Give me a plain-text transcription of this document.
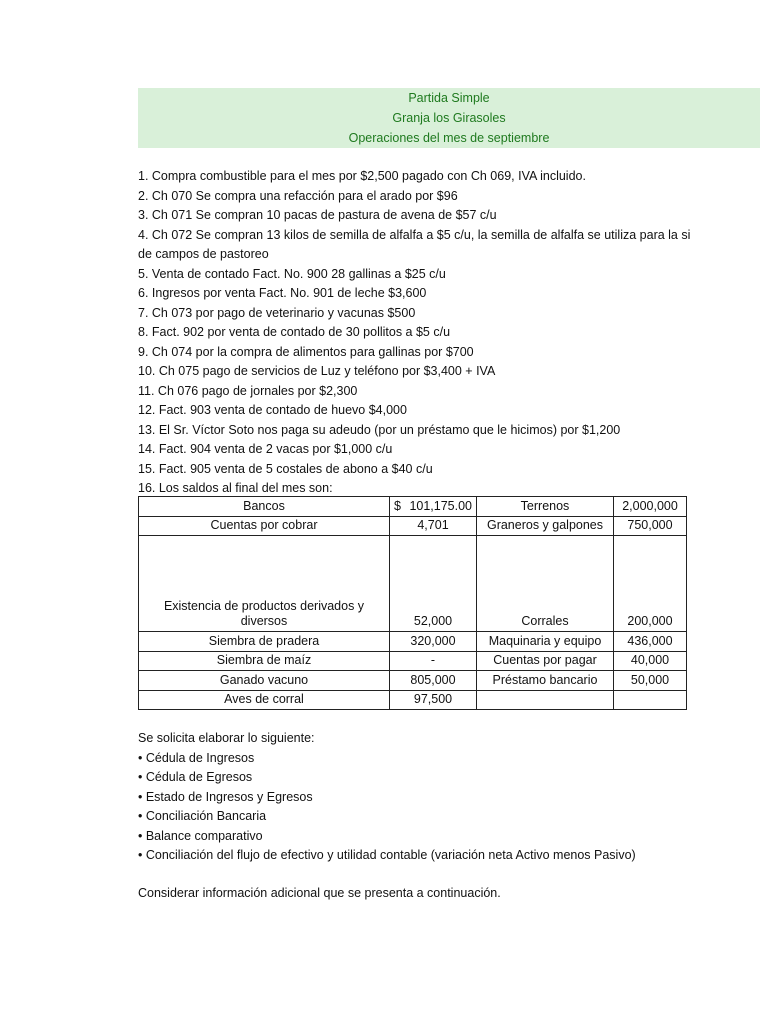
Partida Simple
Granja los Girasoles
Operaciones del mes de septiembre
1. Compra combustible para el mes por $2,500 pagado con Ch 069, IVA incluido.
2. Ch 070 Se compra una refacción para el arado por $96
3. Ch 071 Se compran 10 pacas de pastura de avena de $57 c/u
4. Ch 072 Se compran 13 kilos de semilla de alfalfa a $5 c/u, la semilla de alfalfa se utiliza para la si
de campos de pastoreo
5. Venta de contado Fact. No. 900 28 gallinas a $25 c/u
6. Ingresos por venta Fact. No. 901 de leche $3,600
7. Ch 073 por pago de veterinario y vacunas $500
8. Fact. 902 por venta de contado de 30 pollitos a $5 c/u
9. Ch 074 por la compra de alimentos para gallinas por $700
10. Ch 075 pago de servicios de Luz y teléfono por $3,400 + IVA
11. Ch 076 pago de jornales por $2,300
12. Fact. 903 venta de contado de huevo $4,000
13. El Sr. Víctor Soto nos paga su adeudo (por un préstamo que le hicimos) por $1,200
14. Fact. 904 venta de 2 vacas por $1,000 c/u
15. Fact. 905 venta de 5 costales de abono a $40 c/u
16. Los saldos al final del mes son:
Bancos	$ 101,175.00	Terrenos	2,000,000
Cuentas por cobrar	4,701	Graneros y galpones	750,000
Existencia de productos derivados y diversos	52,000	Corrales	200,000
Siembra de pradera	320,000	Maquinaria y equipo	436,000
Siembra de maíz	-	Cuentas por pagar	40,000
Ganado vacuno	805,000	Préstamo bancario	50,000
Aves de corral	97,500		
Se solicita elaborar lo siguiente:
• Cédula de Ingresos
• Cédula de Egresos
• Estado de Ingresos y Egresos
• Conciliación Bancaria
• Balance comparativo
• Conciliación del flujo de efectivo y utilidad contable (variación neta Activo menos Pasivo)
Considerar información adicional que se presenta a continuación.
